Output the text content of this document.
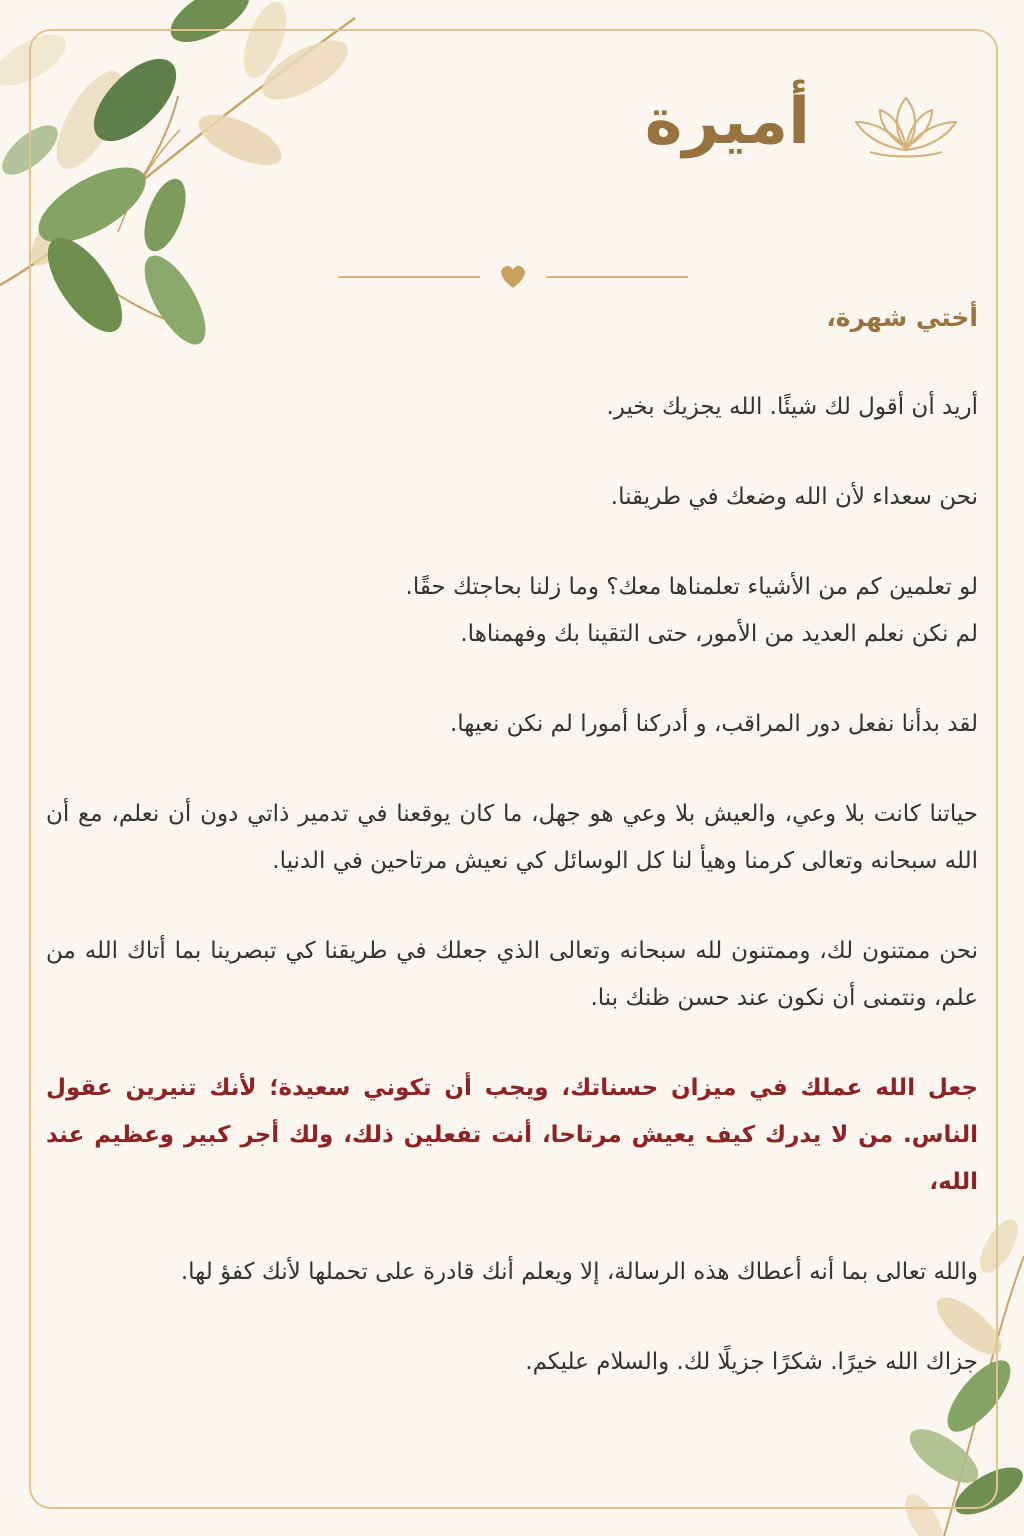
أميرة

أختي شهرة،

أريد أن أقول لك شيئًا. الله يجزيك بخير.

نحن سعداء لأن الله وضعك في طريقنا.

لو تعلمين كم من الأشياء تعلمناها معك؟ وما زلنا بحاجتك حقًا.

لم نكن نعلم العديد من الأمور، حتى التقينا بك وفهمناها.

لقد بدأنا نفعل دور المراقب، و أدركنا أمورا لم نكن نعيها.

حياتنا كانت بلا وعي، والعيش بلا وعي هو جهل، ما كان يوقعنا في تدمير ذاتي دون أن نعلم، مع أن الله سبحانه وتعالى كرمنا وهيأ لنا كل الوسائل كي نعيش مرتاحين في الدنيا.

نحن ممتنون لك، وممتنون لله سبحانه وتعالى الذي جعلك في طريقنا كي تبصرينا بما أتاك الله من علم، ونتمنى أن نكون عند حسن ظنك بنا.

جعل الله عملك في ميزان حسناتك، ويجب أن تكوني سعيدة؛ لأنك تنيرين عقول الناس. من لا يدرك كيف يعيش مرتاحا، أنت تفعلين ذلك، ولك أجر كبير وعظيم عند الله،

والله تعالى بما أنه أعطاك هذه الرسالة، إلا ويعلم أنك قادرة على تحملها لأنك كفؤ لها.

جزاك الله خيرًا. شكرًا جزيلًا لك. والسلام عليكم.
